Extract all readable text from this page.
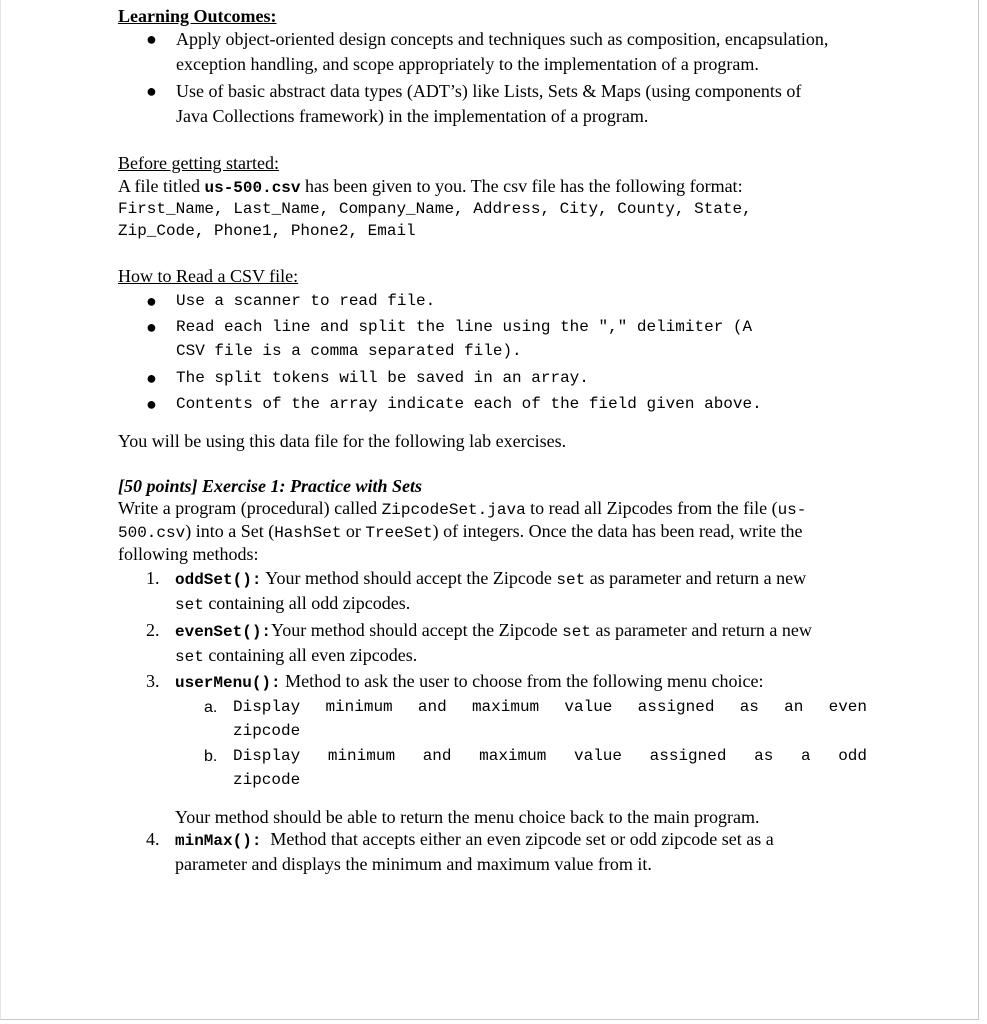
Learning Outcomes:
● Apply object-oriented design concepts and techniques such as composition, encapsulation,
exception handling, and scope appropriately to the implementation of a program.
● Use of basic abstract data types (ADT’s) like Lists, Sets & Maps (using components of
Java Collections framework) in the implementation of a program.
Before getting started:
A file titled us-500.csv has been given to you. The csv file has the following format:
First_Name, Last_Name, Company_Name, Address, City, County, State,
Zip_Code, Phone1, Phone2, Email
How to Read a CSV file:
● Use a scanner to read file.
● Read each line and split the line using the "," delimiter (A
CSV file is a comma separated file).
● The split tokens will be saved in an array.
● Contents of the array indicate each of the field given above.
You will be using this data file for the following lab exercises.
[50 points] Exercise 1: Practice with Sets
Write a program (procedural) called ZipcodeSet.java to read all Zipcodes from the file (us-
500.csv) into a Set (HashSet or TreeSet) of integers. Once the data has been read, write the
following methods:
1. oddSet(): Your method should accept the Zipcode set as parameter and return a new
set containing all odd zipcodes.
2. evenSet():Your method should accept the Zipcode set as parameter and return a new
set containing all even zipcodes.
3. userMenu(): Method to ask the user to choose from the following menu choice:
a. Display minimum and maximum value assigned as an even
zipcode
b. Display minimum and maximum value assigned as a odd
zipcode
Your method should be able to return the menu choice back to the main program.
4. minMax():  Method that accepts either an even zipcode set or odd zipcode set as a
parameter and displays the minimum and maximum value from it.
